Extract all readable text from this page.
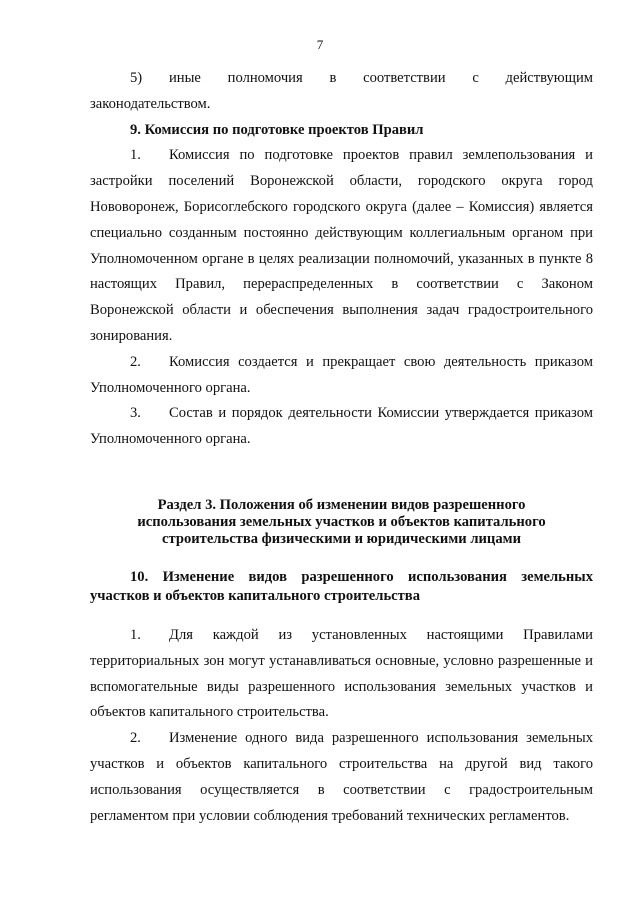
7

5) иные полномочия в соответствии с действующим законодательством.

9. Комиссия по подготовке проектов Правил

1. Комиссия по подготовке проектов правил землепользования и застройки поселений Воронежской области, городского округа город Нововоронеж, Борисоглебского городского округа (далее – Комиссия) является специально созданным постоянно действующим коллегиальным органом при Уполномоченном органе в целях реализации полномочий, указанных в пункте 8 настоящих Правил, перераспределенных в соответствии с Законом Воронежской области и обеспечения выполнения задач градостроительного зонирования.

2. Комиссия создается и прекращает свою деятельность приказом Уполномоченного органа.

3. Состав и порядок деятельности Комиссии утверждается приказом Уполномоченного органа.

Раздел 3. Положения об изменении видов разрешенного использования земельных участков и объектов капитального строительства физическими и юридическими лицами

10. Изменение видов разрешенного использования земельных участков и объектов капитального строительства

1. Для каждой из установленных настоящими Правилами территориальных зон могут устанавливаться основные, условно разрешенные и вспомогательные виды разрешенного использования земельных участков и объектов капитального строительства.

2. Изменение одного вида разрешенного использования земельных участков и объектов капитального строительства на другой вид такого использования осуществляется в соответствии с градостроительным регламентом при условии соблюдения требований технических регламентов.
